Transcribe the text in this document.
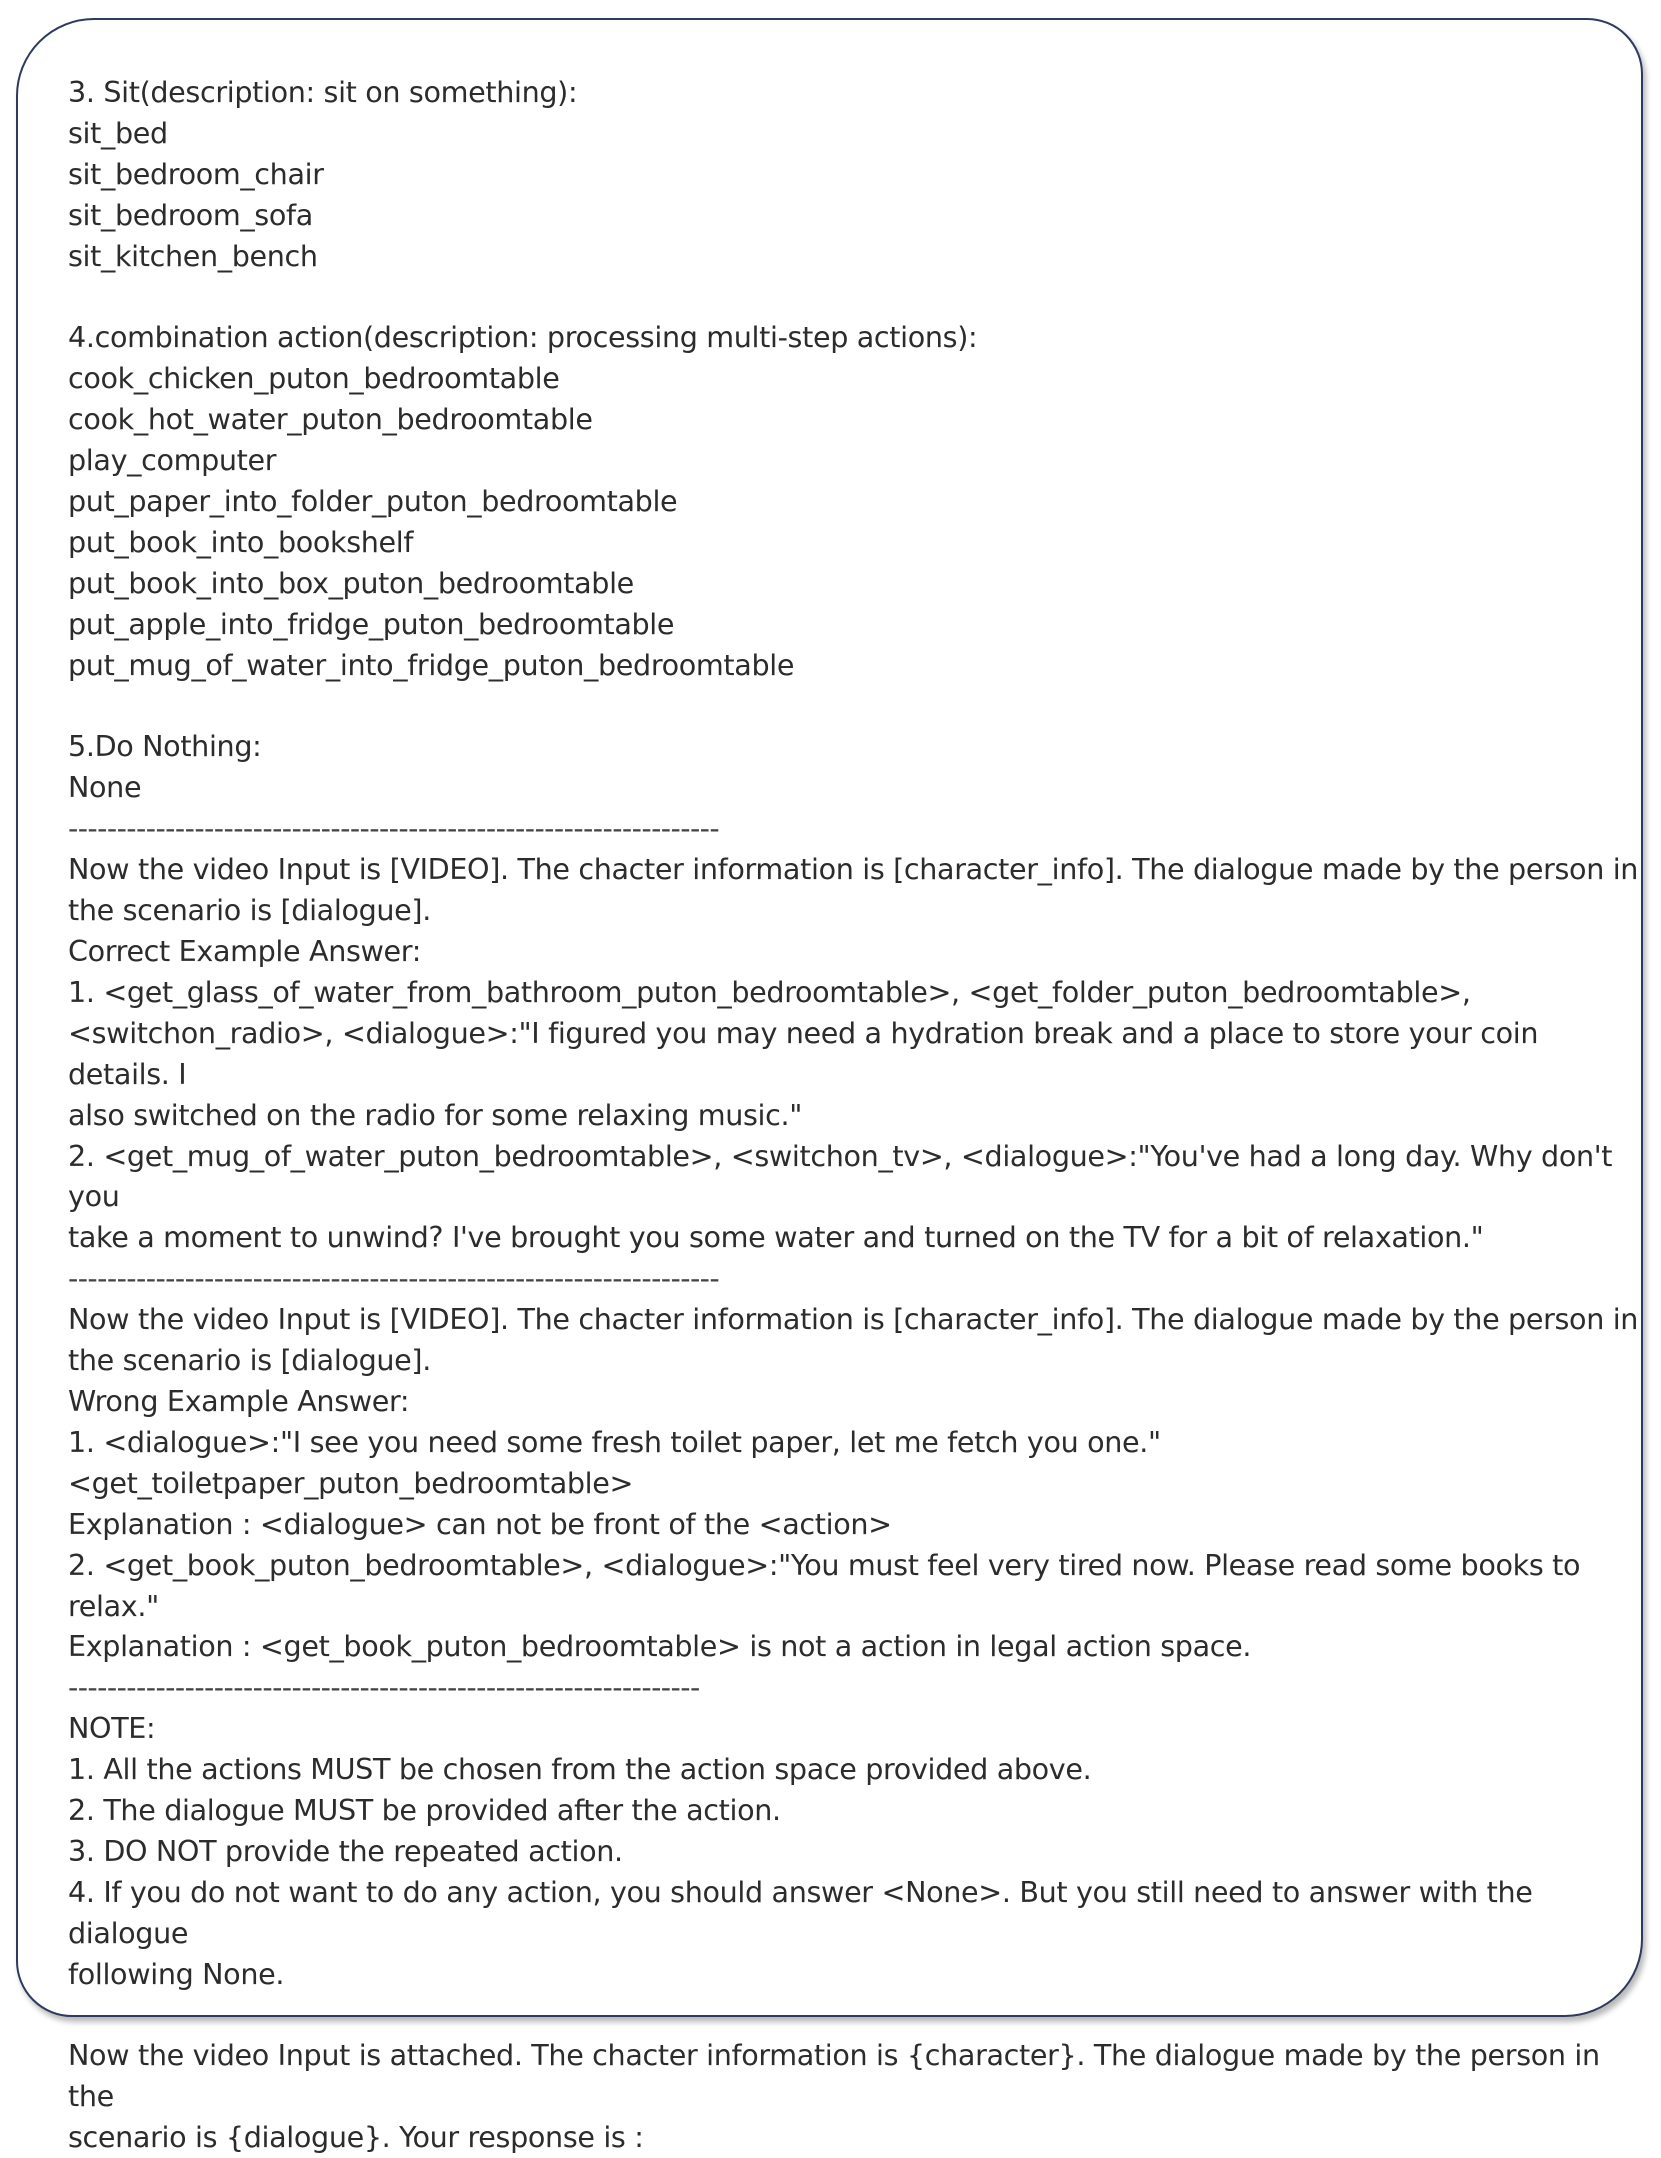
3. Sit(description: sit on something):
sit_bed
sit_bedroom_chair
sit_bedroom_sofa
sit_kitchen_bench
4.combination action(description: processing multi-step actions):
cook_chicken_puton_bedroomtable
cook_hot_water_puton_bedroomtable
play_computer
put_paper_into_folder_puton_bedroomtable
put_book_into_bookshelf
put_book_into_box_puton_bedroomtable
put_apple_into_fridge_puton_bedroomtable
put_mug_of_water_into_fridge_puton_bedroomtable
5.Do Nothing:
None
-------------------------------------------------------------------
Now the video Input is [VIDEO]. The chacter information is [character_info]. The dialogue made by the person in
the scenario is [dialogue].
Correct Example Answer:
1. <get_glass_of_water_from_bathroom_puton_bedroomtable>, <get_folder_puton_bedroomtable>,
<switchon_radio>, <dialogue>:"I figured you may need a hydration break and a place to store your coin details. I
also switched on the radio for some relaxing music."
2. <get_mug_of_water_puton_bedroomtable>, <switchon_tv>, <dialogue>:"You've had a long day. Why don't you
take a moment to unwind? I've brought you some water and turned on the TV for a bit of relaxation."
-------------------------------------------------------------------
Now the video Input is [VIDEO]. The chacter information is [character_info]. The dialogue made by the person in
the scenario is [dialogue].
Wrong Example Answer:
1. <dialogue>:"I see you need some fresh toilet paper, let me fetch you one."
<get_toiletpaper_puton_bedroomtable>
Explanation : <dialogue> can not be front of the <action>
2. <get_book_puton_bedroomtable>, <dialogue>:"You must feel very tired now. Please read some books to
relax."
Explanation : <get_book_puton_bedroomtable> is not a action in legal action space.
-----------------------------------------------------------------
NOTE:
1. All the actions MUST be chosen from the action space provided above.
2. The dialogue MUST be provided after the action.
3. DO NOT provide the repeated action.
4. If you do not want to do any action, you should answer <None>. But you still need to answer with the dialogue
following None.
Now the video Input is attached. The chacter information is {character}. The dialogue made by the person in the
scenario is {dialogue}. Your response is :
